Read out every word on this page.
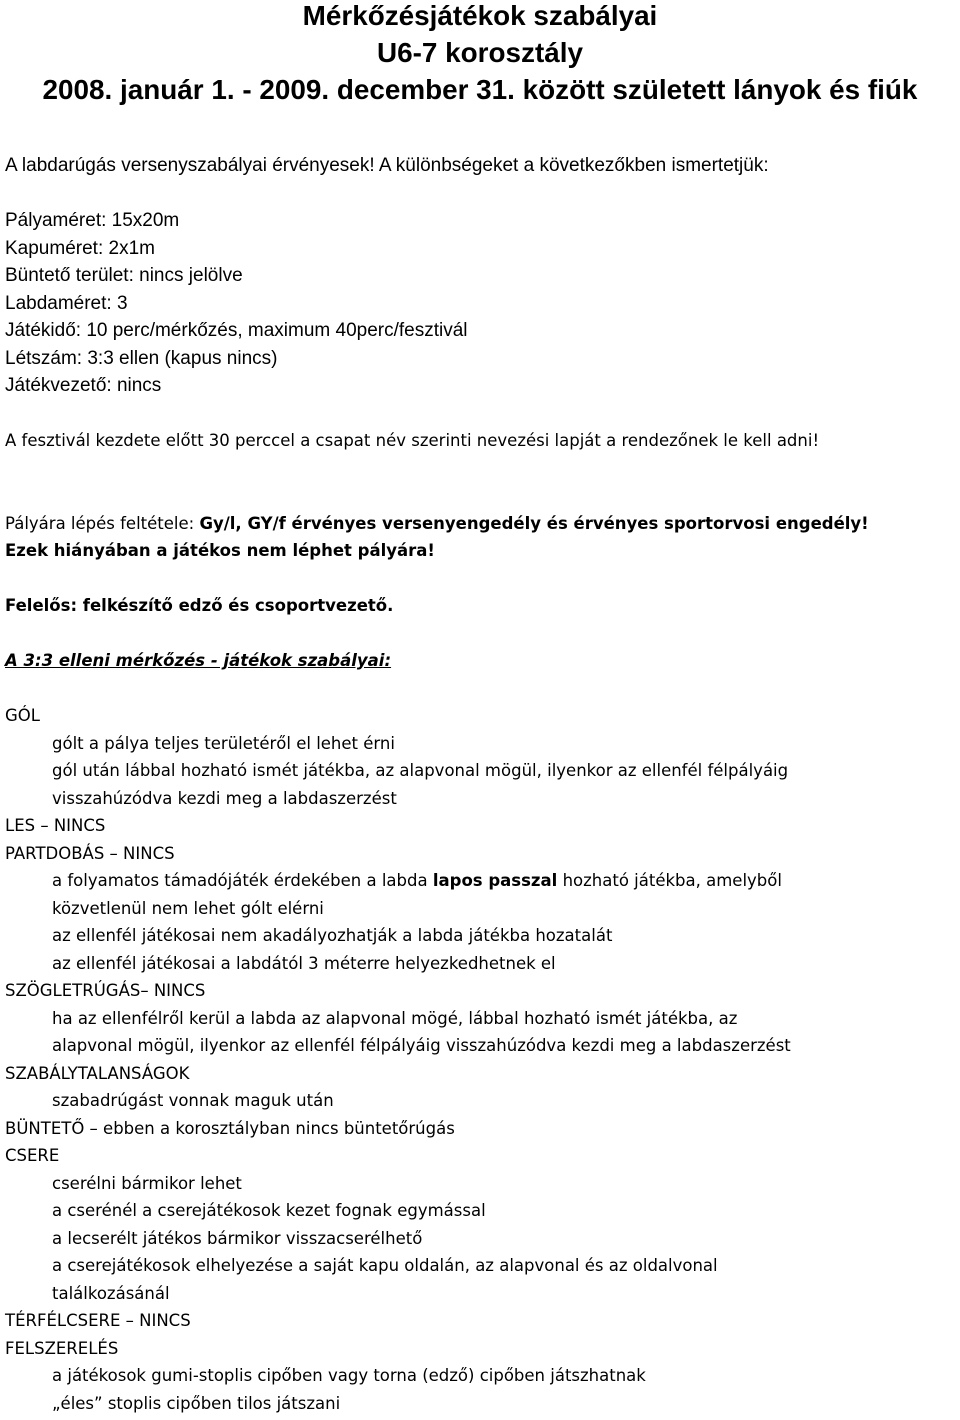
Mérkőzésjátékok szabályai
U6-7 korosztály
2008. január 1. - 2009. december 31. között született lányok és fiúk
A labdarúgás versenyszabályai érvényesek! A különbségeket a következőkben ismertetjük:
Pályaméret: 15x20m
Kapuméret: 2x1m
Büntető terület: nincs jelölve
Labdaméret: 3
Játékidő: 10 perc/mérkőzés, maximum 40perc/fesztivál
Létszám: 3:3 ellen (kapus nincs)
Játékvezető: nincs
A fesztivál kezdete előtt 30 perccel a csapat név szerinti nevezési lapját a rendezőnek le kell adni!
Pályára lépés feltétele: Gy/l, GY/f érvényes versenyengedély és érvényes sportorvosi engedély!
Ezek hiányában a játékos nem léphet pályára!
Felelős: felkészítő edző és csoportvezető.
A 3:3 elleni mérkőzés - játékok szabályai:
GÓL
gólt a pálya teljes területéről el lehet érni
gól után lábbal hozható ismét játékba, az alapvonal mögül, ilyenkor az ellenfél félpályáig
visszahúzódva kezdi meg a labdaszerzést
LES – NINCS
PARTDOBÁS – NINCS
a folyamatos támadójáték érdekében a labda lapos passzal hozható játékba, amelyből
közvetlenül nem lehet gólt elérni
az ellenfél játékosai nem akadályozhatják a labda játékba hozatalát
az ellenfél játékosai a labdától 3 méterre helyezkedhetnek el
SZÖGLETRÚGÁS– NINCS
ha az ellenfélről kerül a labda az alapvonal mögé, lábbal hozható ismét játékba, az
alapvonal mögül, ilyenkor az ellenfél félpályáig visszahúzódva kezdi meg a labdaszerzést
SZABÁLYTALANSÁGOK
szabadrúgást vonnak maguk után
BÜNTETŐ – ebben a korosztályban nincs büntetőrúgás
CSERE
cserélni bármikor lehet
a cserénél a cserejátékosok kezet fognak egymással
a lecserélt játékos bármikor visszacserélhető
a cserejátékosok elhelyezése a saját kapu oldalán, az alapvonal és az oldalvonal
találkozásánál
TÉRFÉLCSERE – NINCS
FELSZERELÉS
a játékosok gumi-stoplis cipőben vagy torna (edző) cipőben játszhatnak
„éles” stoplis cipőben tilos játszani
